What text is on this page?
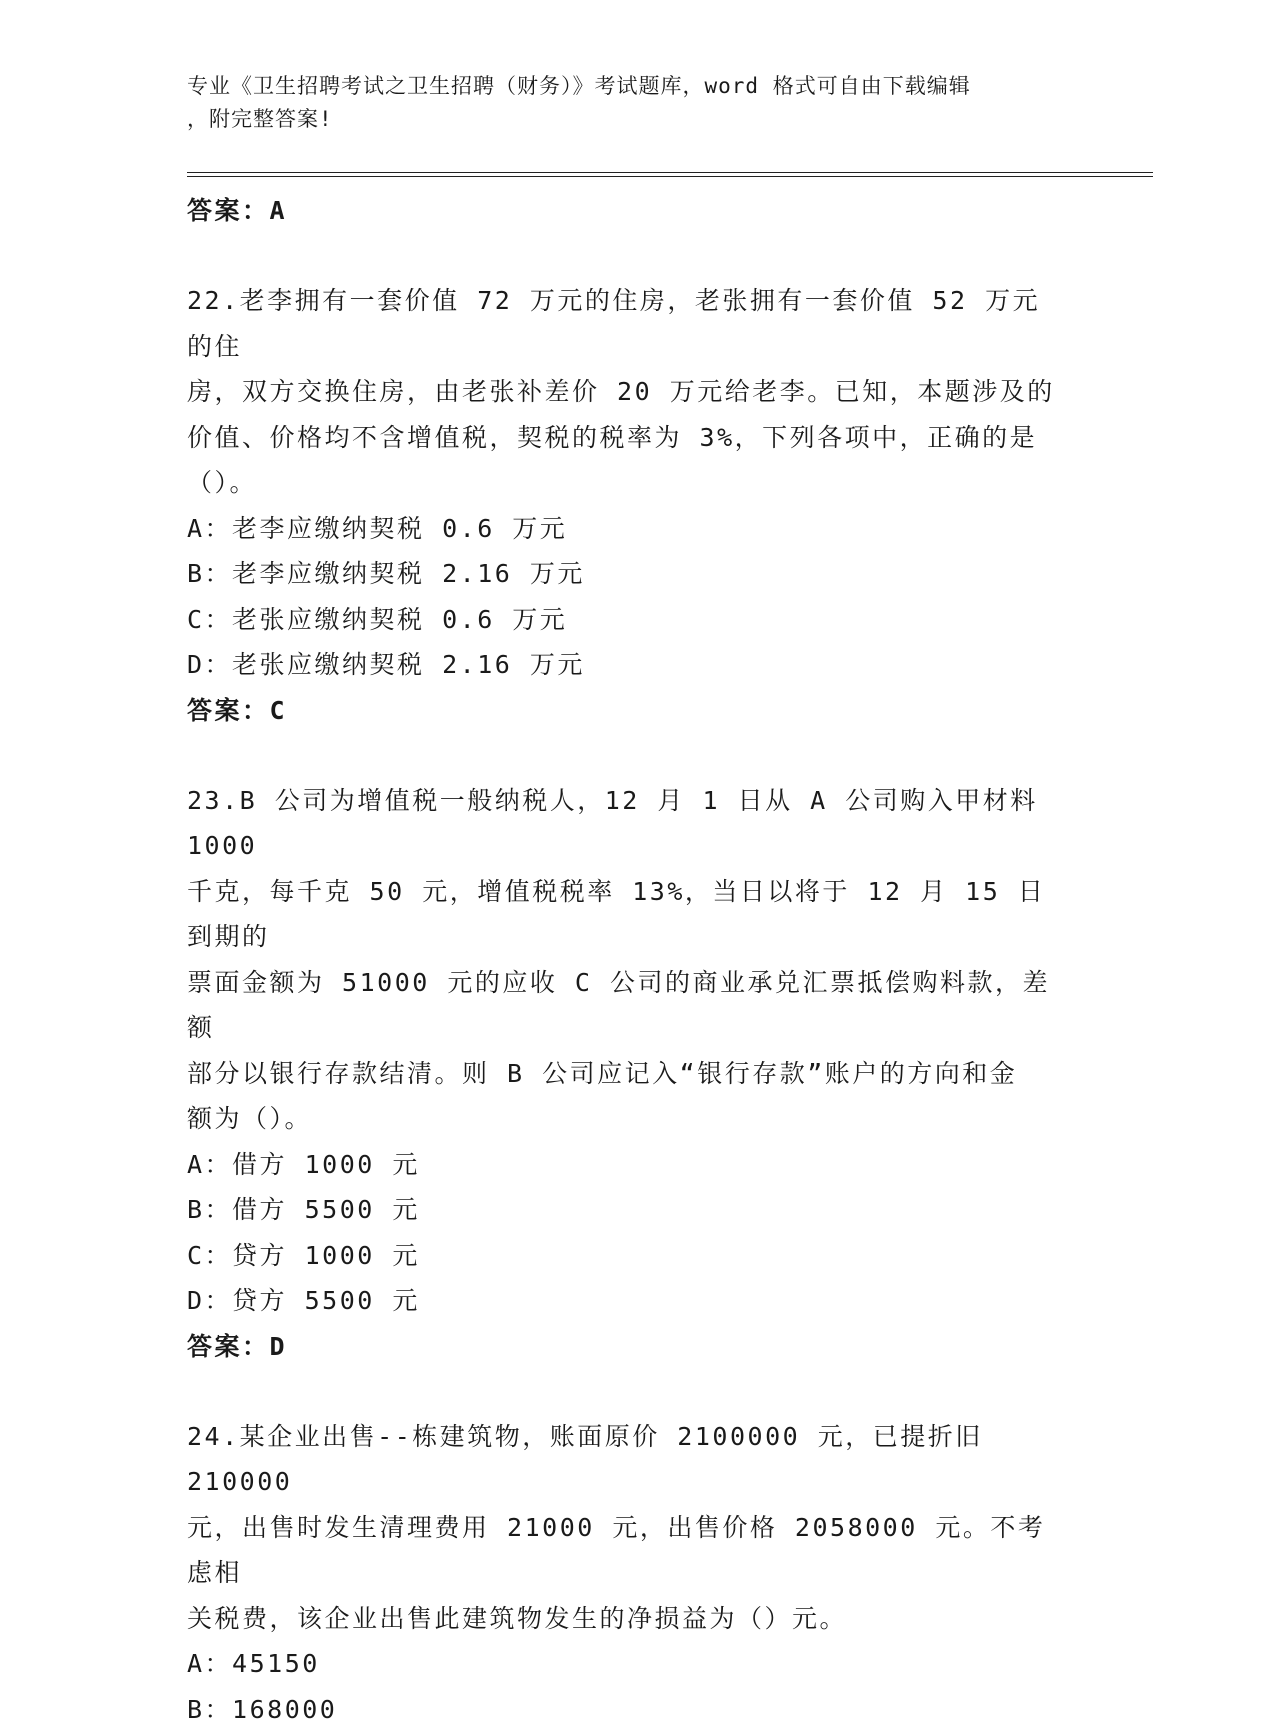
专业《卫生招聘考试之卫生招聘（财务）》考试题库，word 格式可自由下载编辑
，附完整答案!
答案：A
22.老李拥有一套价值 72 万元的住房，老张拥有一套价值 52 万元的住
房，双方交换住房，由老张补差价 20 万元给老李。已知，本题涉及的
价值、价格均不含增值税，契税的税率为 3%，下列各项中，正确的是
（）。
A：老李应缴纳契税 0.6 万元
B：老李应缴纳契税 2.16 万元
C：老张应缴纳契税 0.6 万元
D：老张应缴纳契税 2.16 万元
答案：C
23.B 公司为增值税一般纳税人，12 月 1 日从 A 公司购入甲材料 1000
千克，每千克 50 元，增值税税率 13%，当日以将于 12 月 15 日到期的
票面金额为 51000 元的应收 C 公司的商业承兑汇票抵偿购料款，差额
部分以银行存款结清。则 B 公司应记入“银行存款”账户的方向和金
额为（）。
A：借方 1000 元
B：借方 5500 元
C：贷方 1000 元
D：贷方 5500 元
答案：D
24.某企业出售--栋建筑物，账面原价 2100000 元，已提折旧 210000
元，出售时发生清理费用 21000 元，出售价格 2058000 元。不考虑相
关税费，该企业出售此建筑物发生的净损益为（）元。
A：45150
B：168000
